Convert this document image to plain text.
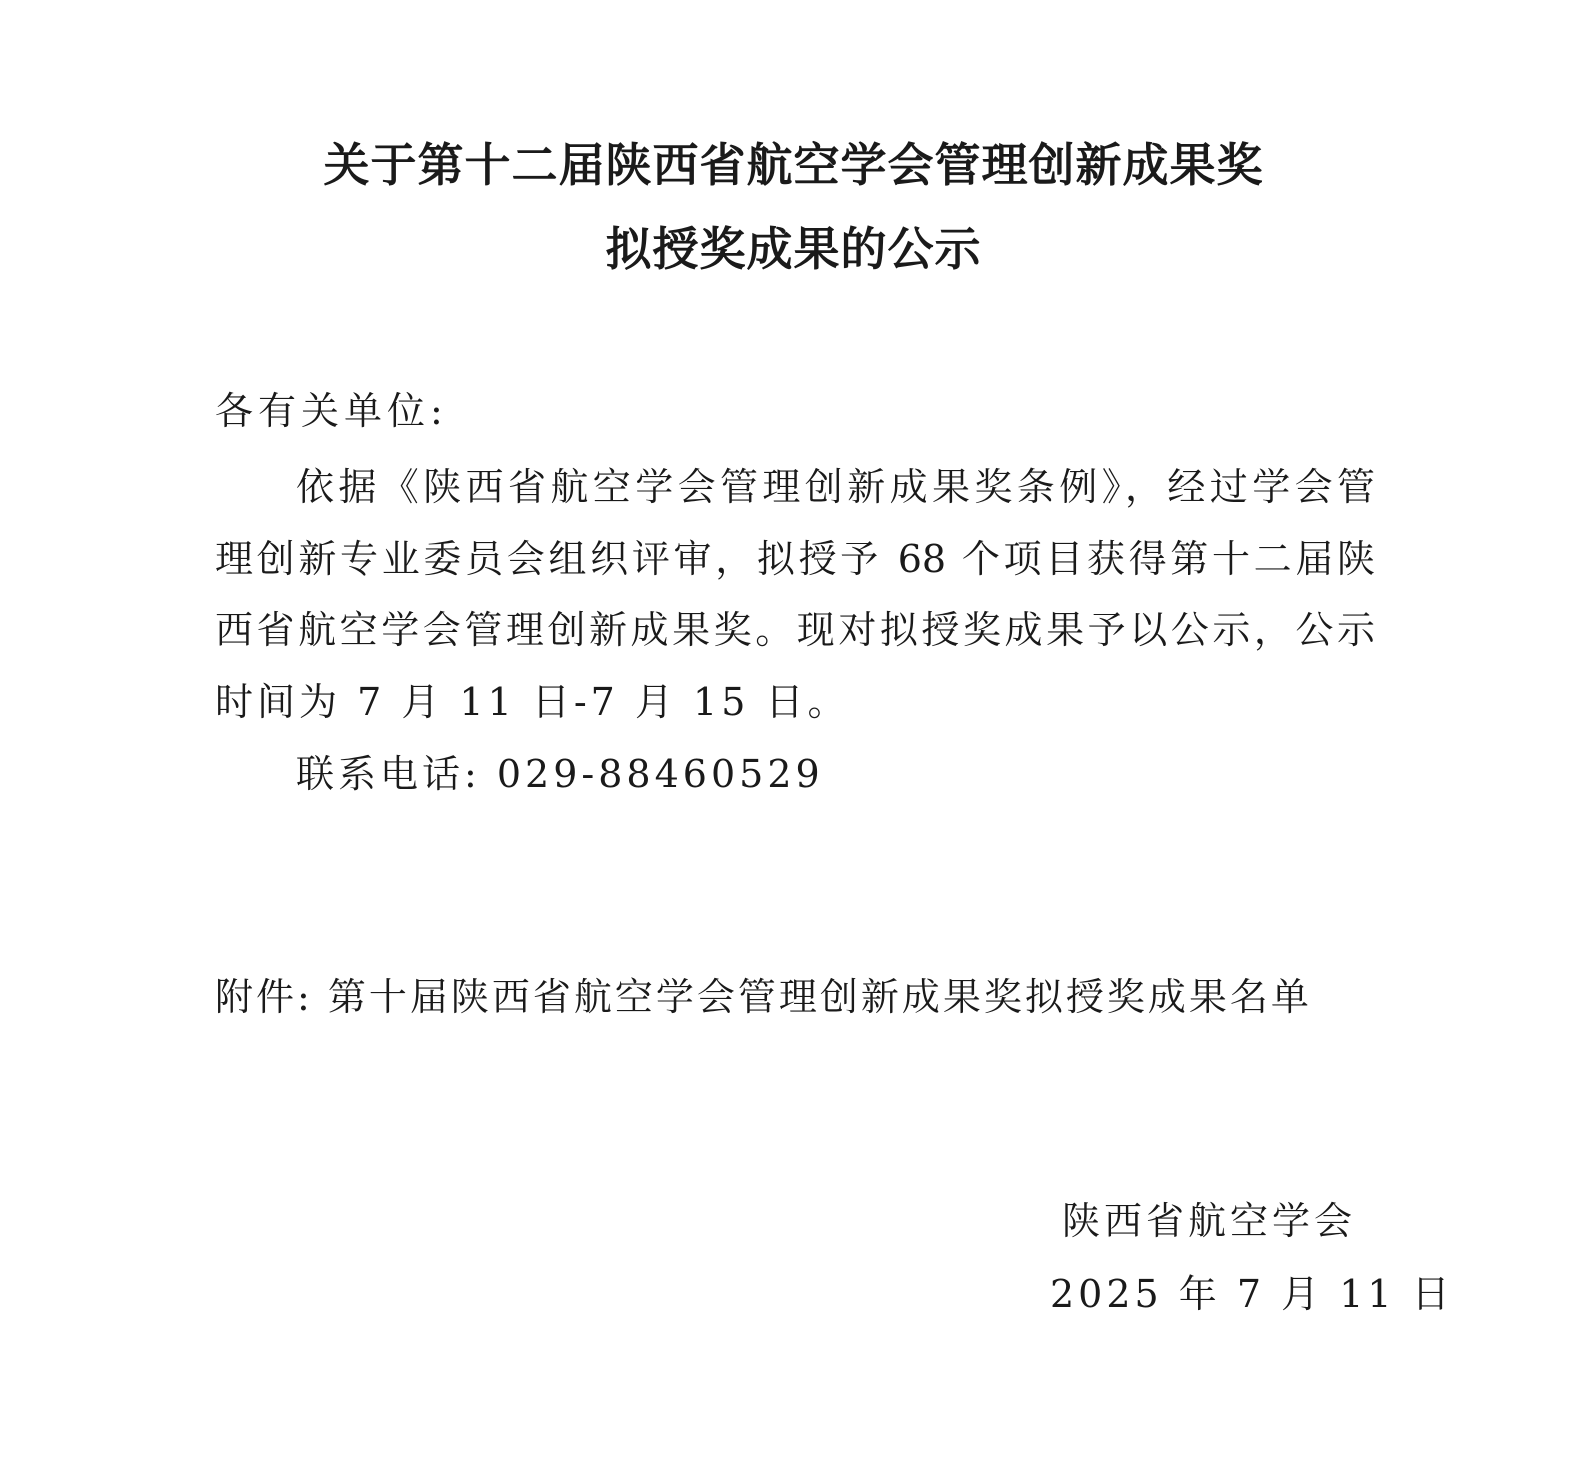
关于第十二届陕西省航空学会管理创新成果奖
拟授奖成果的公示
各有关单位:
依据《陕西省航空学会管理创新成果奖条例》，经过学会管
理创新专业委员会组织评审，拟授予 68 个项目获得第十二届陕
西省航空学会管理创新成果奖。现对拟授奖成果予以公示，公示
时间为 7 月 11 日-7 月 15 日。
联系电话: 029-88460529
附件: 第十届陕西省航空学会管理创新成果奖拟授奖成果名单
陕西省航空学会
2025 年 7 月 11 日
